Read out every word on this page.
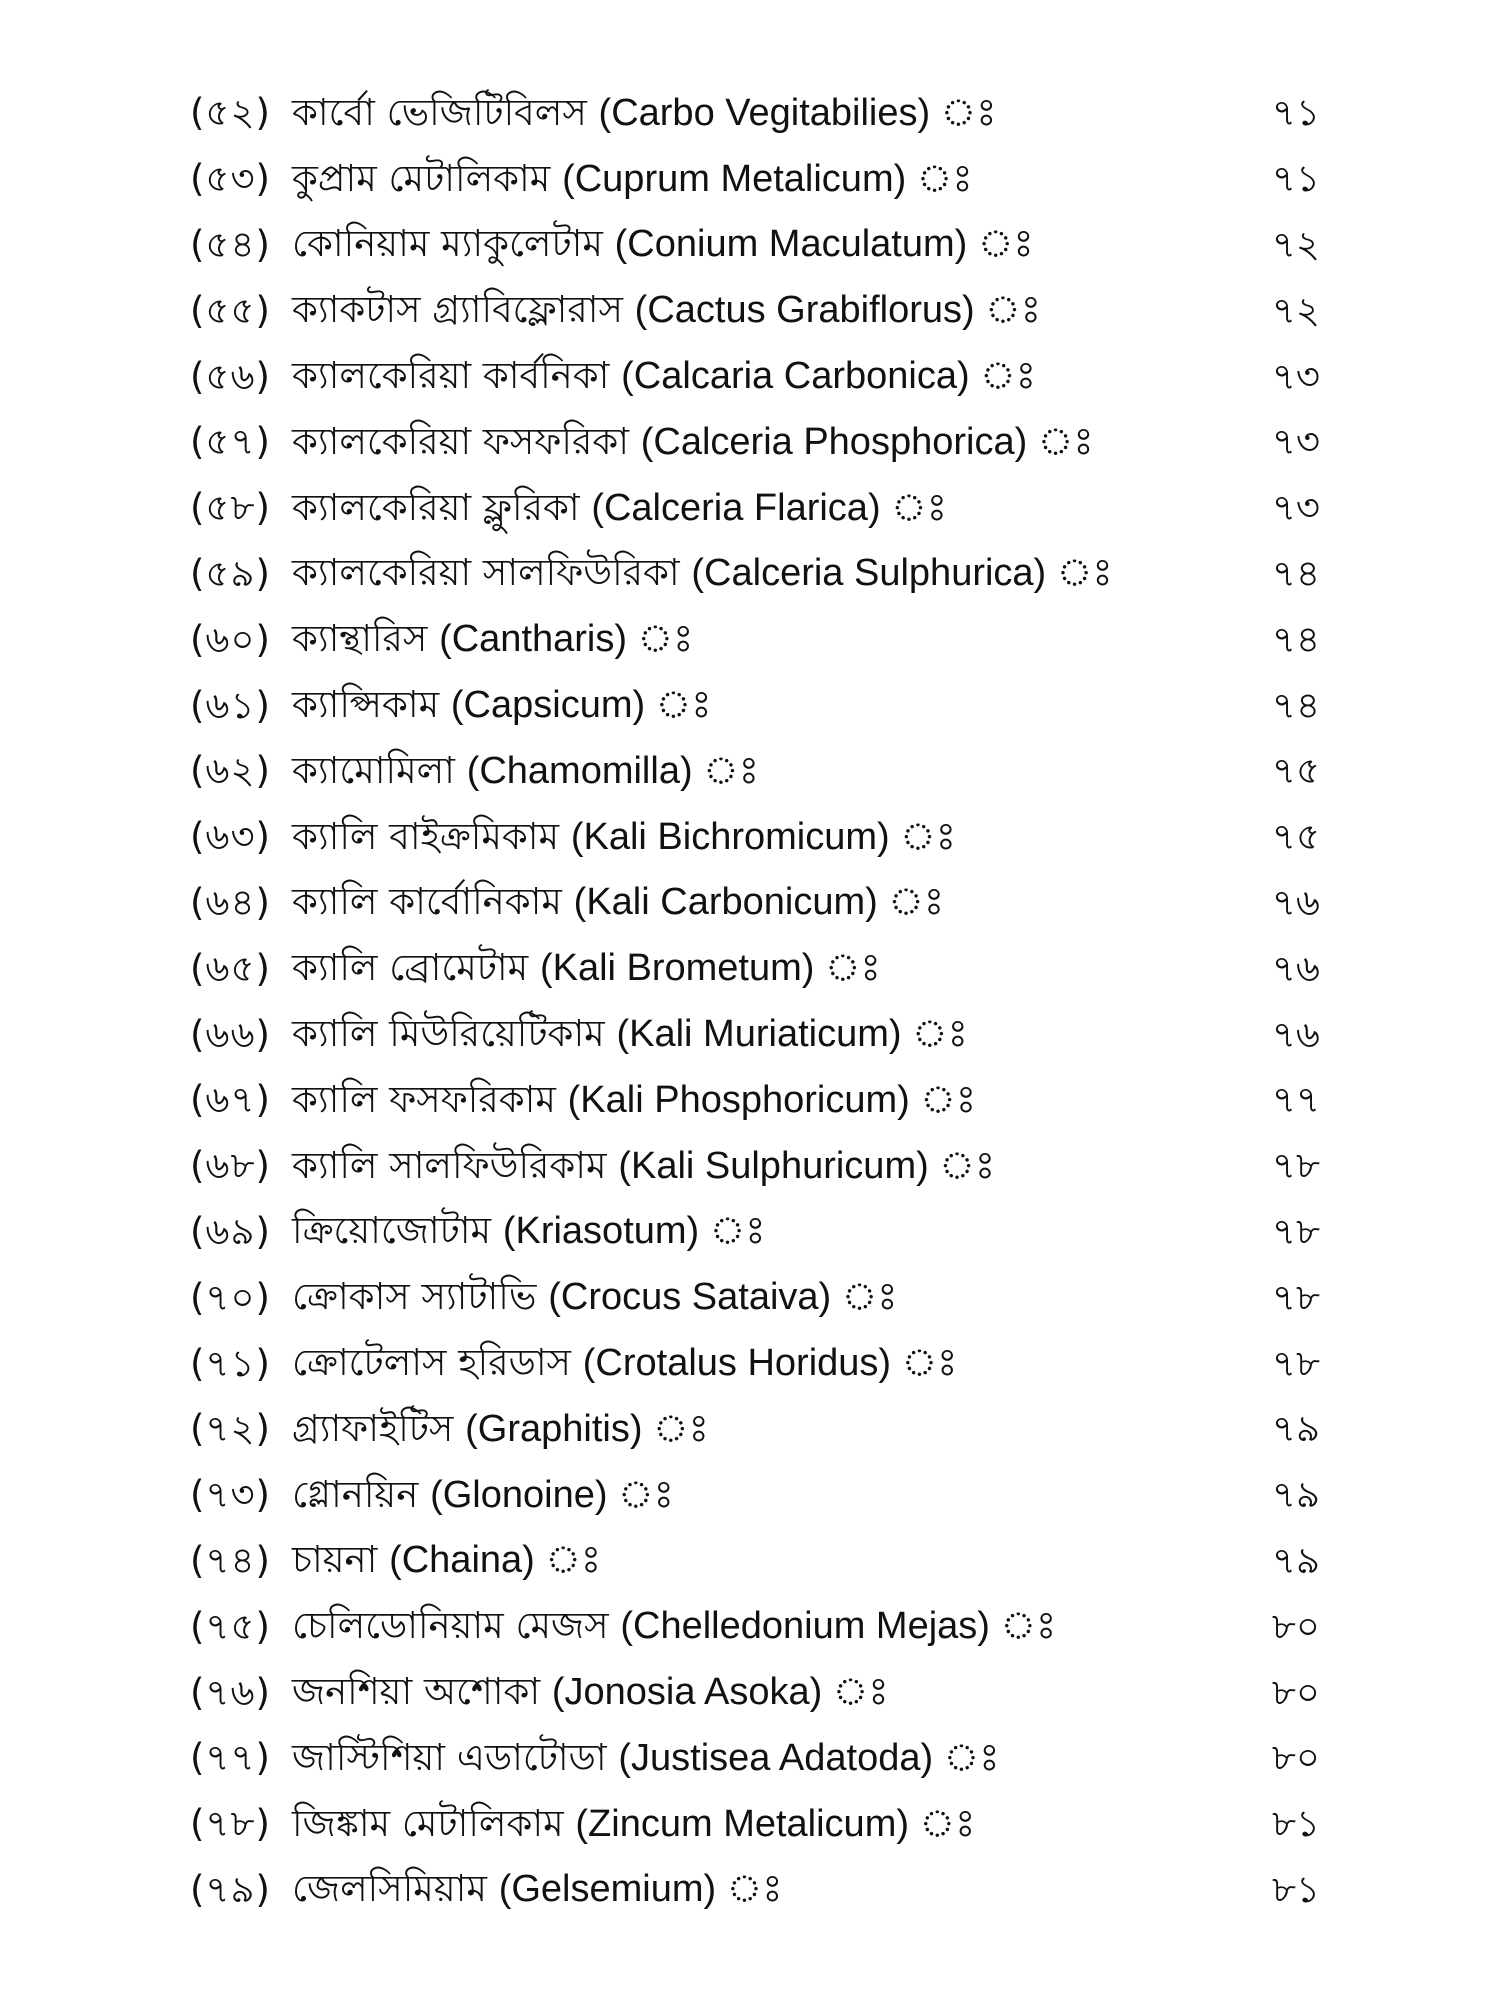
(৫২) কার্বো ভেজিটিবিলস (Carbo Vegitabilies) ঃ	৭১
(৫৩) কুপ্রাম মেটালিকাম (Cuprum Metalicum) ঃ	৭১
(৫৪) কোনিয়াম ম্যাকুলেটাম (Conium Maculatum) ঃ	৭২
(৫৫) ক্যাকটাস গ্র্যাবিফ্লোরাস (Cactus Grabiflorus) ঃ	৭২
(৫৬) ক্যালকেরিয়া কার্বনিকা (Calcaria Carbonica) ঃ	৭৩
(৫৭) ক্যালকেরিয়া ফসফরিকা (Calceria Phosphorica) ঃ	৭৩
(৫৮) ক্যালকেরিয়া ফ্লুরিকা (Calceria Flarica) ঃ	৭৩
(৫৯) ক্যালকেরিয়া সালফিউরিকা (Calceria Sulphurica) ঃ	৭৪
(৬০) ক্যান্থারিস (Cantharis) ঃ	৭৪
(৬১) ক্যাপ্সিকাম (Capsicum) ঃ	৭৪
(৬২) ক্যামোমিলা (Chamomilla) ঃ	৭৫
(৬৩) ক্যালি বাইক্রমিকাম (Kali Bichromicum) ঃ	৭৫
(৬৪) ক্যালি কার্বোনিকাম (Kali Carbonicum) ঃ	৭৬
(৬৫) ক্যালি ব্রোমেটাম (Kali Brometum) ঃ	৭৬
(৬৬) ক্যালি মিউরিয়েটিকাম (Kali Muriaticum) ঃ	৭৬
(৬৭) ক্যালি ফসফরিকাম (Kali Phosphoricum) ঃ	৭৭
(৬৮) ক্যালি সালফিউরিকাম (Kali Sulphuricum) ঃ	৭৮
(৬৯) ক্রিয়োজোটাম (Kriasotum) ঃ	৭৮
(৭০) ক্রোকাস স্যাটাভি (Crocus Sataiva) ঃ	৭৮
(৭১) ক্রোটেলাস হরিডাস (Crotalus Horidus) ঃ	৭৮
(৭২) গ্র্যাফাইটিস (Graphitis) ঃ	৭৯
(৭৩) গ্লোনয়িন (Glonoine) ঃ	৭৯
(৭৪) চায়না (Chaina) ঃ	৭৯
(৭৫) চেলিডোনিয়াম মেজস (Chelledonium Mejas) ঃ	৮০
(৭৬) জনশিয়া অশোকা (Jonosia Asoka) ঃ	৮০
(৭৭) জাস্টিশিয়া এডাটোডা (Justisea Adatoda) ঃ	৮০
(৭৮) জিঙ্কাম মেটালিকাম (Zincum Metalicum) ঃ	৮১
(৭৯) জেলসিমিয়াম (Gelsemium) ঃ	৮১
